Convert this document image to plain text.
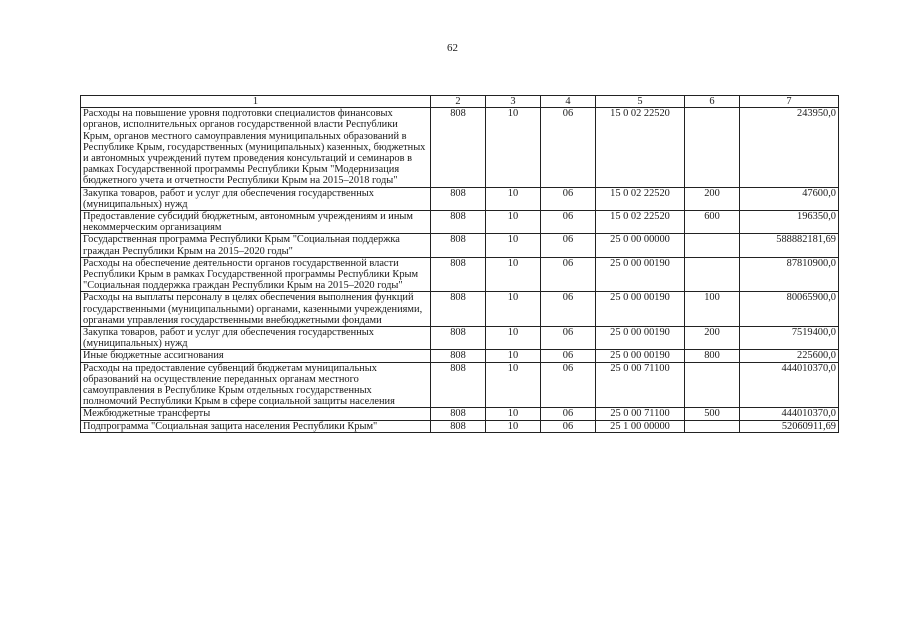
62
1	2	3	4	5	6	7
Расходы на повышение уровня подготовки специалистов финансовых органов, исполнительных органов государственной власти Республики Крым, органов местного самоуправления муниципальных образований в Республике Крым, государственных (муниципальных) казенных, бюджетных и автономных учреждений путем проведения консультаций и семинаров в рамках Государственной программы Республики Крым "Модернизация бюджетного учета и отчетности Республики Крым на 2015–2018 годы"	808	10	06	15 0 02 22520		243950,0
Закупка товаров, работ и услуг для обеспечения государственных (муниципальных) нужд	808	10	06	15 0 02 22520	200	47600,0
Предоставление субсидий бюджетным, автономным учреждениям и иным некоммерческим организациям	808	10	06	15 0 02 22520	600	196350,0
Государственная программа Республики Крым "Социальная поддержка граждан Республики Крым на 2015–2020 годы"	808	10	06	25 0 00 00000		588882181,69
Расходы на обеспечение деятельности органов государственной власти Республики Крым в рамках Государственной программы Республики Крым "Социальная поддержка граждан Республики Крым на 2015–2020 годы"	808	10	06	25 0 00 00190		87810900,0
Расходы на выплаты персоналу в целях обеспечения выполнения функций государственными (муниципальными) органами, казенными учреждениями, органами управления государственными внебюджетными фондами	808	10	06	25 0 00 00190	100	80065900,0
Закупка товаров, работ и услуг для обеспечения государственных (муниципальных) нужд	808	10	06	25 0 00 00190	200	7519400,0
Иные бюджетные ассигнования	808	10	06	25 0 00 00190	800	225600,0
Расходы на предоставление субвенций бюджетам муниципальных образований на осуществление переданных органам местного самоуправления в Республике Крым отдельных государственных полномочий Республики Крым в сфере социальной защиты населения	808	10	06	25 0 00 71100		444010370,0
Межбюджетные трансферты	808	10	06	25 0 00 71100	500	444010370,0
Подпрограмма "Социальная защита населения Республики Крым"	808	10	06	25 1 00 00000		52060911,69
